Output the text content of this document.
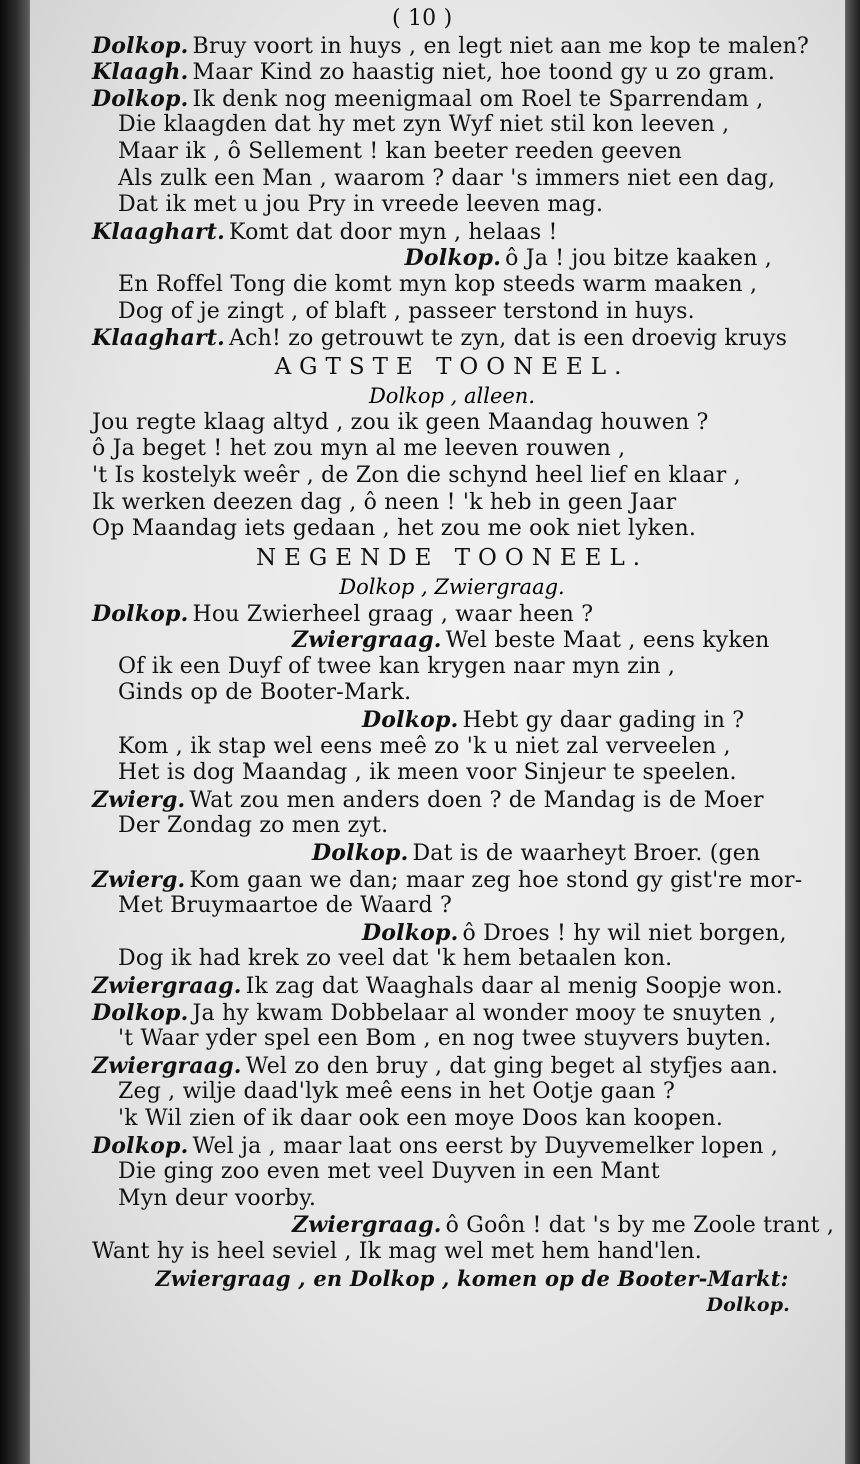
( 10 )
Dolkop. Bruy voort in huys , en legt niet aan me kop te malen?
Klaagh. Maar Kind zo haastig niet, hoe toond gy u zo gram.
Dolkop. Ik denk nog meenigmaal om Roel te Sparrendam ,
Die klaagden dat hy met zyn Wyf niet stil kon leeven ,
Maar ik , ô Sellement ! kan beeter reeden geeven
Als zulk een Man , waarom ? daar 's immers niet een dag,
Dat ik met u jou Pry in vreede leeven mag.
Klaaghart. Komt dat door myn , helaas !
Dolkop. ô Ja ! jou bitze kaaken ,
En Roffel Tong die komt myn kop steeds warm maaken ,
Dog of je zingt , of blaft , passeer terstond in huys.
Klaaghart. Ach! zo getrouwt te zyn, dat is een droevig kruys
AGTSTE TOONEEL.
Dolkop , alleen.
Jou regte klaag altyd , zou ik geen Maandag houwen ?
ô Ja beget ! het zou myn al me leeven rouwen ,
't Is kostelyk weêr , de Zon die schynd heel lief en klaar ,
Ik werken deezen dag , ô neen ! 'k heb in geen Jaar
Op Maandag iets gedaan , het zou me ook niet lyken.
NEGENDE TOONEEL.
Dolkop , Zwiergraag.
Dolkop. Hou Zwierheel graag , waar heen ?
Zwiergraag. Wel beste Maat , eens kyken
Of ik een Duyf of twee kan krygen naar myn zin ,
Ginds op de Booter-Mark.
Dolkop. Hebt gy daar gading in ?
Kom , ik stap wel eens meê zo 'k u niet zal verveelen ,
Het is dog Maandag , ik meen voor Sinjeur te speelen.
Zwierg. Wat zou men anders doen ? de Mandag is de Moer
Der Zondag zo men zyt.
Dolkop. Dat is de waarheyt Broer. (gen
Zwierg. Kom gaan we dan; maar zeg hoe stond gy gist're mor-
Met Bruymaartoe de Waard ?
Dolkop. ô Droes ! hy wil niet borgen,
Dog ik had krek zo veel dat 'k hem betaalen kon.
Zwiergraag. Ik zag dat Waaghals daar al menig Soopje won.
Dolkop. Ja hy kwam Dobbelaar al wonder mooy te snuyten ,
't Waar yder spel een Bom , en nog twee stuyvers buyten.
Zwiergraag. Wel zo den bruy , dat ging beget al styfjes aan.
Zeg , wilje daad'lyk meê eens in het Ootje gaan ?
'k Wil zien of ik daar ook een moye Doos kan koopen.
Dolkop. Wel ja , maar laat ons eerst by Duyvemelker lopen ,
Die ging zoo even met veel Duyven in een Mant
Myn deur voorby.
Zwiergraag. ô Goôn ! dat 's by me Zoole trant ,
Want hy is heel seviel , Ik mag wel met hem hand'len.
Zwiergraag , en Dolkop , komen op de Booter-Markt:
Dolkop.
